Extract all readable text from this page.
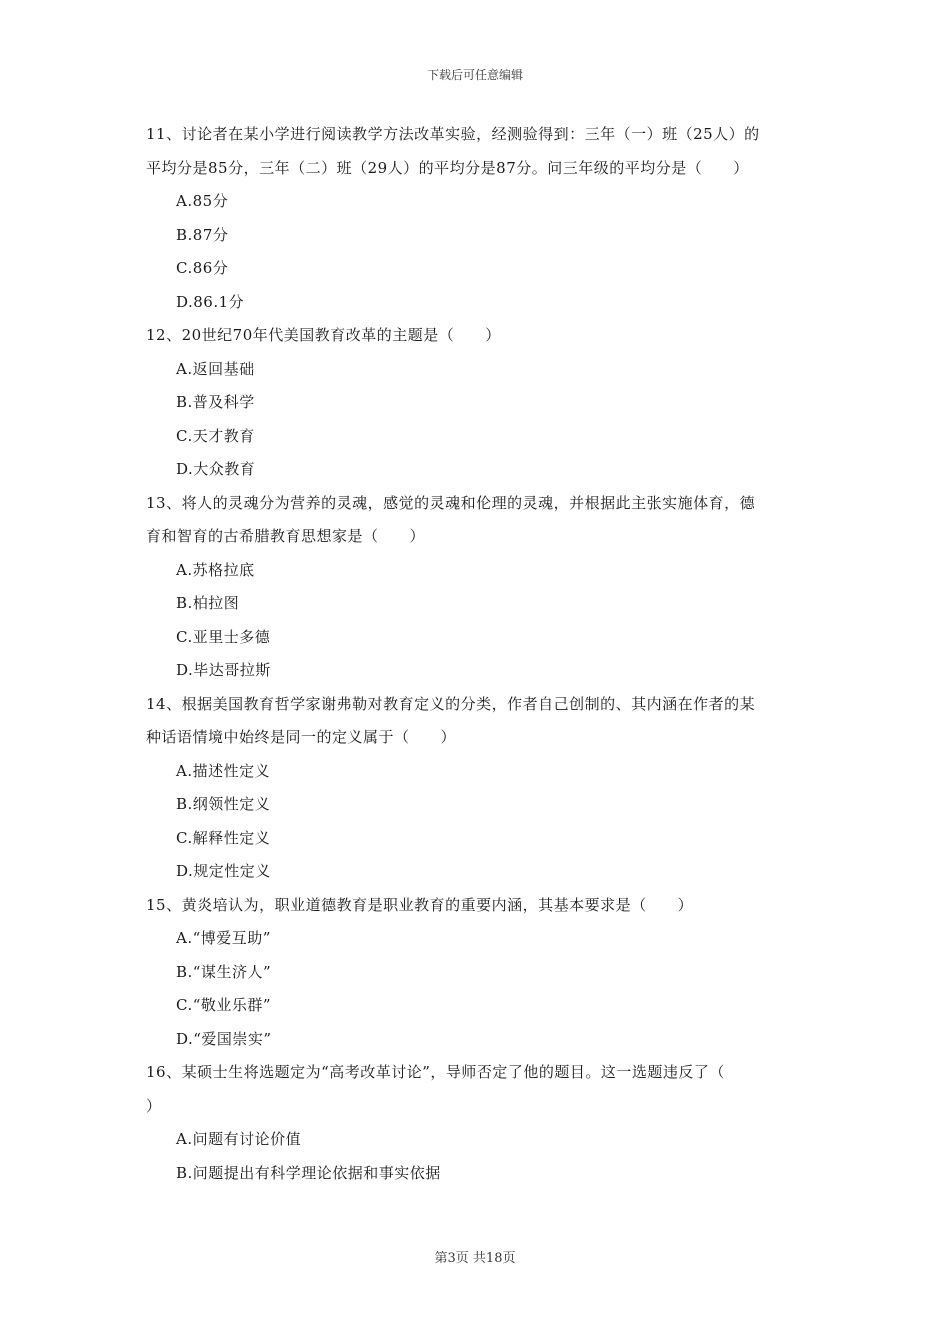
下载后可任意编辑
11、讨论者在某小学进行阅读教学方法改革实验，经测验得到：三年（一）班（25人）的
平均分是85分，三年（二）班（29人）的平均分是87分。问三年级的平均分是（　　）
A.85分
B.87分
C.86分
D.86.1分
12、20世纪70年代美国教育改革的主题是（　　）
A.返回基础
B.普及科学
C.天才教育
D.大众教育
13、将人的灵魂分为营养的灵魂，感觉的灵魂和伦理的灵魂，并根据此主张实施体育，德
育和智育的古希腊教育思想家是（　　）
A.苏格拉底
B.柏拉图
C.亚里士多德
D.毕达哥拉斯
14、根据美国教育哲学家谢弗勒对教育定义的分类，作者自己创制的、其内涵在作者的某
种话语情境中始终是同一的定义属于（　　）
A.描述性定义
B.纲领性定义
C.解释性定义
D.规定性定义
15、黄炎培认为，职业道德教育是职业教育的重要内涵，其基本要求是（　　）
A.“博爱互助”
B.“谋生济人”
C.“敬业乐群”
D.“爱国崇实”
16、某硕士生将选题定为“高考改革讨论”，导师否定了他的题目。这一选题违反了（
）
A.问题有讨论价值
B.问题提出有科学理论依据和事实依据
第3页 共18页
